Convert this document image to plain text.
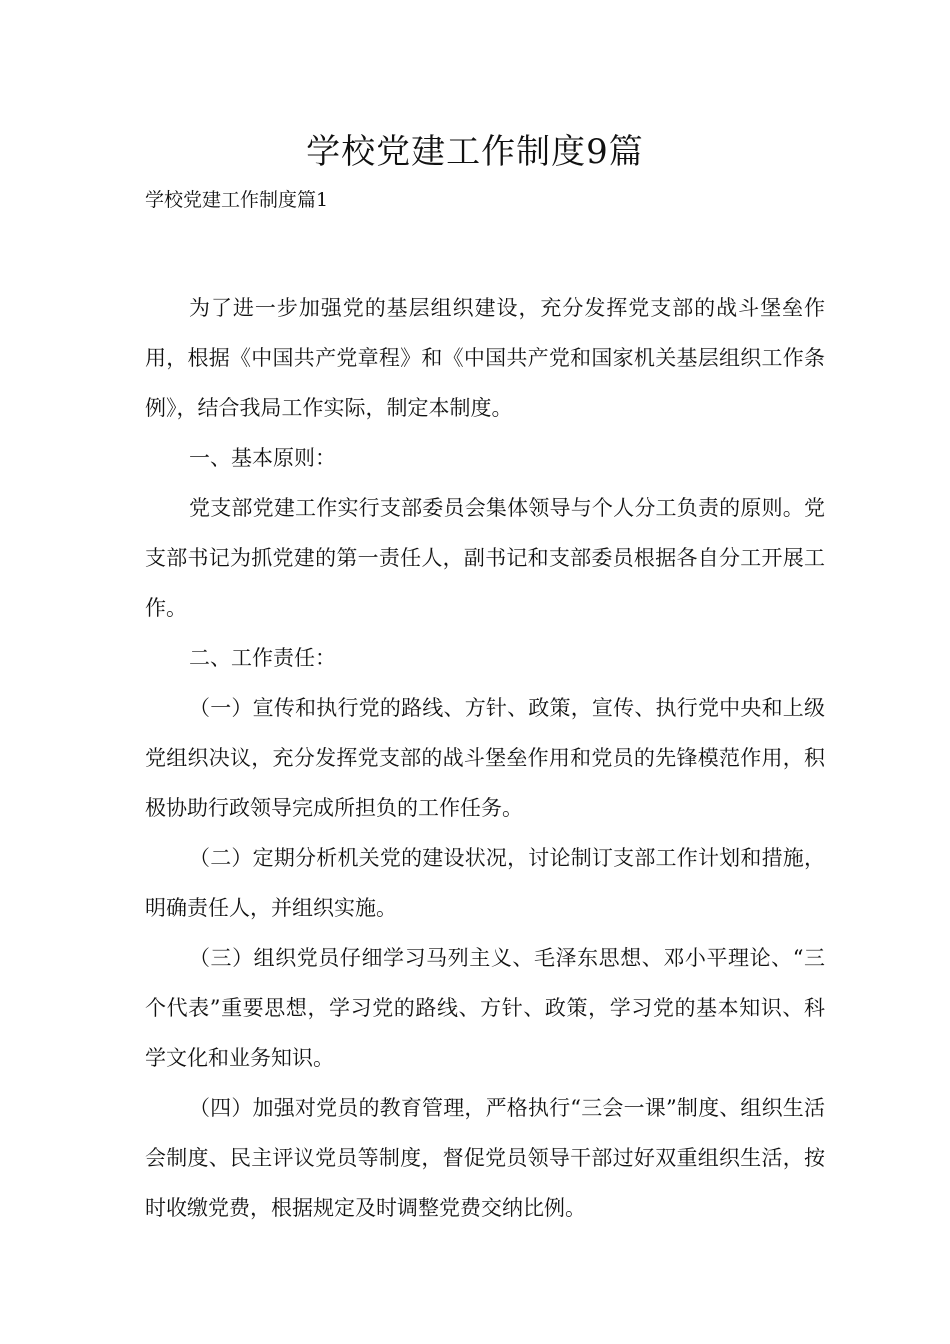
学校党建工作制度9篇

学校党建工作制度篇1

为了进一步加强党的基层组织建设，充分发挥党支部的战斗堡垒作用，根据《中国共产党章程》和《中国共产党和国家机关基层组织工作条例》，结合我局工作实际，制定本制度。

一、基本原则：

党支部党建工作实行支部委员会集体领导与个人分工负责的原则。党支部书记为抓党建的第一责任人，副书记和支部委员根据各自分工开展工作。

二、工作责任：

（一）宣传和执行党的路线、方针、政策，宣传、执行党中央和上级党组织决议，充分发挥党支部的战斗堡垒作用和党员的先锋模范作用，积极协助行政领导完成所担负的工作任务。

（二）定期分析机关党的建设状况，讨论制订支部工作计划和措施，明确责任人，并组织实施。

（三）组织党员仔细学习马列主义、毛泽东思想、邓小平理论、“三个代表”重要思想，学习党的路线、方针、政策，学习党的基本知识、科学文化和业务知识。

（四）加强对党员的教育管理，严格执行“三会一课”制度、组织生活会制度、民主评议党员等制度，督促党员领导干部过好双重组织生活，按时收缴党费，根据规定及时调整党费交纳比例。
